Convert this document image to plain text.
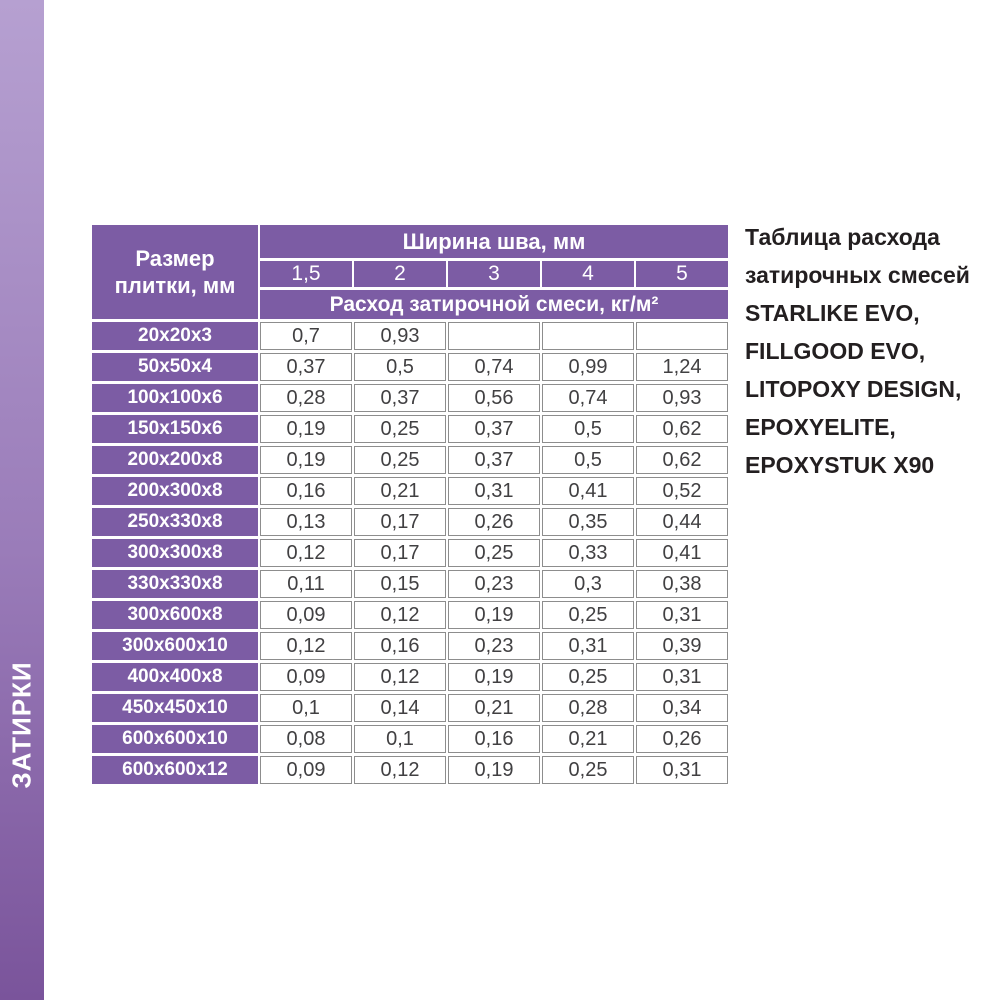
ЗАТИРКИ
Размер плитки, мм	Ширина шва, мм				
	1,5	2	3	4	5
	Расход затирочной смеси, кг/м²				
20x20x3	0,7	0,93			
50x50x4	0,37	0,5	0,74	0,99	1,24
100x100x6	0,28	0,37	0,56	0,74	0,93
150x150x6	0,19	0,25	0,37	0,5	0,62
200x200x8	0,19	0,25	0,37	0,5	0,62
200x300x8	0,16	0,21	0,31	0,41	0,52
250x330x8	0,13	0,17	0,26	0,35	0,44
300x300x8	0,12	0,17	0,25	0,33	0,41
330x330x8	0,11	0,15	0,23	0,3	0,38
300x600x8	0,09	0,12	0,19	0,25	0,31
300x600x10	0,12	0,16	0,23	0,31	0,39
400x400x8	0,09	0,12	0,19	0,25	0,31
450x450x10	0,1	0,14	0,21	0,28	0,34
600x600x10	0,08	0,1	0,16	0,21	0,26
600x600x12	0,09	0,12	0,19	0,25	0,31
Таблица расхода
затирочных смесей
STARLIKE EVO,
FILLGOOD EVO,
LITOPOXY DESIGN,
EPOXYELITE,
EPOXYSTUK X90
